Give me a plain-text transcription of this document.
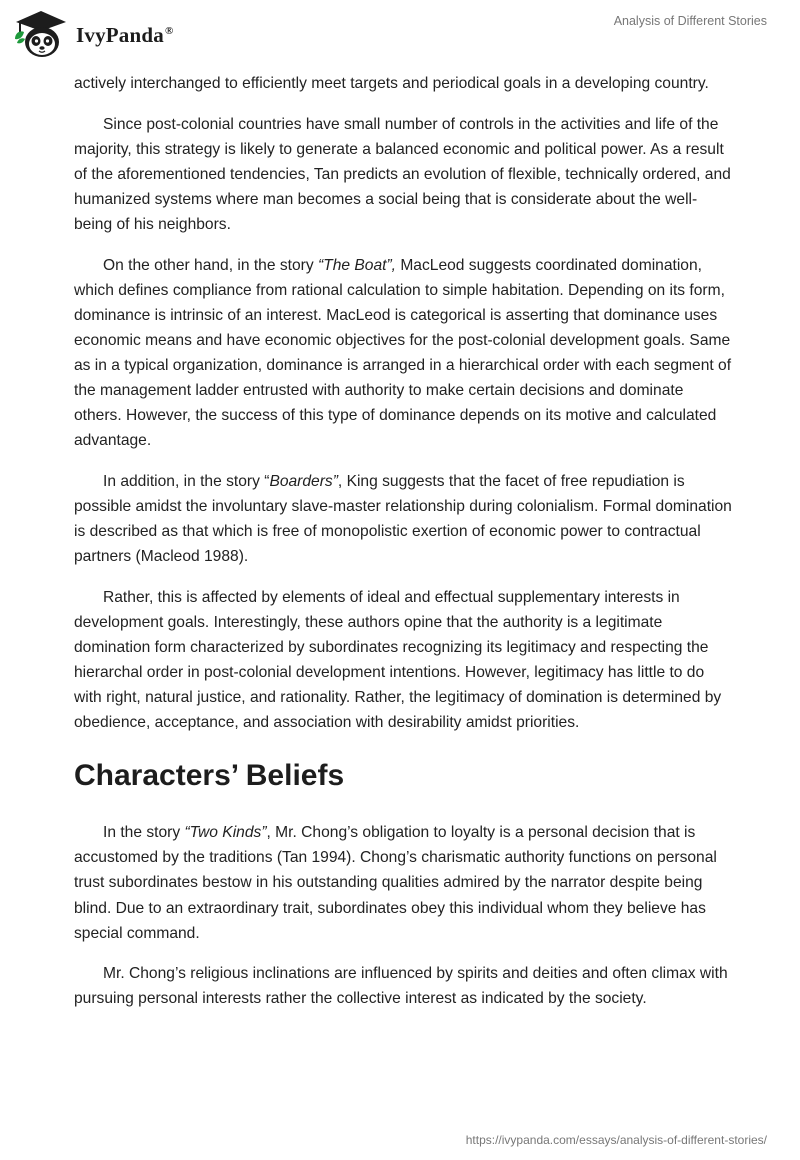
IvyPanda®
Analysis of Different Stories

actively interchanged to efficiently meet targets and periodical goals in a developing country.

Since post-colonial countries have small number of controls in the activities and life of the majority, this strategy is likely to generate a balanced economic and political power. As a result of the aforementioned tendencies, Tan predicts an evolution of flexible, technically ordered, and humanized systems where man becomes a social being that is considerate about the well-being of his neighbors.

On the other hand, in the story “The Boat”, MacLeod suggests coordinated domination, which defines compliance from rational calculation to simple habitation. Depending on its form, dominance is intrinsic of an interest. MacLeod is categorical is asserting that dominance uses economic means and have economic objectives for the post-colonial development goals. Same as in a typical organization, dominance is arranged in a hierarchical order with each segment of the management ladder entrusted with authority to make certain decisions and dominate others. However, the success of this type of dominance depends on its motive and calculated advantage.

In addition, in the story “Boarders”, King suggests that the facet of free repudiation is possible amidst the involuntary slave-master relationship during colonialism. Formal domination is described as that which is free of monopolistic exertion of economic power to contractual partners (Macleod 1988).

Rather, this is affected by elements of ideal and effectual supplementary interests in development goals. Interestingly, these authors opine that the authority is a legitimate domination form characterized by subordinates recognizing its legitimacy and respecting the hierarchal order in post-colonial development intentions. However, legitimacy has little to do with right, natural justice, and rationality. Rather, the legitimacy of domination is determined by obedience, acceptance, and association with desirability amidst priorities.

Characters’ Beliefs

In the story “Two Kinds”, Mr. Chong’s obligation to loyalty is a personal decision that is accustomed by the traditions (Tan 1994). Chong’s charismatic authority functions on personal trust subordinates bestow in his outstanding qualities admired by the narrator despite being blind. Due to an extraordinary trait, subordinates obey this individual whom they believe has special command.

Mr. Chong’s religious inclinations are influenced by spirits and deities and often climax with pursuing personal interests rather the collective interest as indicated by the society.

https://ivypanda.com/essays/analysis-of-different-stories/
